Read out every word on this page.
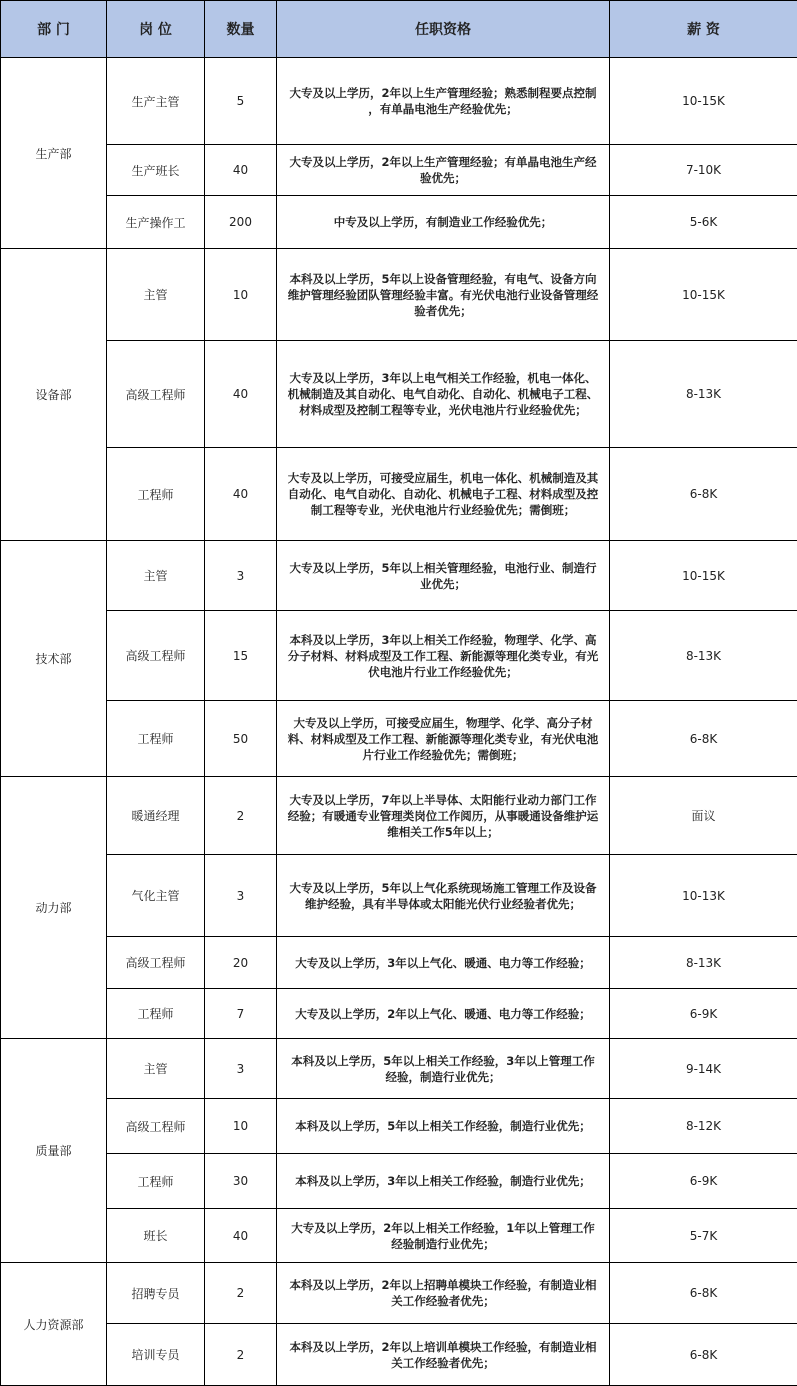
部 门	岗 位	数量	任职资格	薪 资
生产部	生产主管	5	大专及以上学历，2年以上生产管理经验；熟悉制程要点控制 ，有单晶电池生产经验优先；	10-15K
	生产班长	40	大专及以上学历，2年以上生产管理经验；有单晶电池生产经验优先；	7-10K
	生产操作工	200	中专及以上学历，有制造业工作经验优先；	5-6K
设备部	主管	10	本科及以上学历，5年以上设备管理经验，有电气、设备方向维护管理经验团队管理经验丰富。有光伏电池行业设备管理经验者优先；	10-15K
	高级工程师	40	大专及以上学历，3年以上电气相关工作经验，机电一体化、机械制造及其自动化、电气自动化、自动化、机械电子工程、材料成型及控制工程等专业，光伏电池片行业经验优先；	8-13K
	工程师	40	大专及以上学历，可接受应届生，机电一体化、机械制造及其自动化、电气自动化、自动化、机械电子工程、材料成型及控制工程等专业，光伏电池片行业经验优先；需倒班；	6-8K
技术部	主管	3	大专及以上学历，5年以上相关管理经验，电池行业、制造行业优先；	10-15K
	高级工程师	15	本科及以上学历，3年以上相关工作经验，物理学、化学、高分子材料、材料成型及工作工程、新能源等理化类专业，有光伏电池片行业工作经验优先；	8-13K
	工程师	50	大专及以上学历，可接受应届生，物理学、化学、高分子材料、材料成型及工作工程、新能源等理化类专业，有光伏电池片行业工作经验优先；需倒班；	6-8K
动力部	暖通经理	2	大专及以上学历，7年以上半导体、太阳能行业动力部门工作经验；有暖通专业管理类岗位工作阅历，从事暖通设备维护运维相关工作5年以上；	面议
	气化主管	3	大专及以上学历，5年以上气化系统现场施工管理工作及设备维护经验，具有半导体或太阳能光伏行业经验者优先；	10-13K
	高级工程师	20	大专及以上学历，3年以上气化、暖通、电力等工作经验；	8-13K
	工程师	7	大专及以上学历，2年以上气化、暖通、电力等工作经验；	6-9K
质量部	主管	3	本科及以上学历，5年以上相关工作经验，3年以上管理工作经验，制造行业优先；	9-14K
	高级工程师	10	本科及以上学历，5年以上相关工作经验，制造行业优先；	8-12K
	工程师	30	本科及以上学历，3年以上相关工作经验，制造行业优先；	6-9K
	班长	40	大专及以上学历，2年以上相关工作经验，1年以上管理工作经验制造行业优先；	5-7K
人力资源部	招聘专员	2	本科及以上学历，2年以上招聘单模块工作经验，有制造业相关工作经验者优先；	6-8K
	培训专员	2	本科及以上学历，2年以上培训单模块工作经验，有制造业相关工作经验者优先；	6-8K
